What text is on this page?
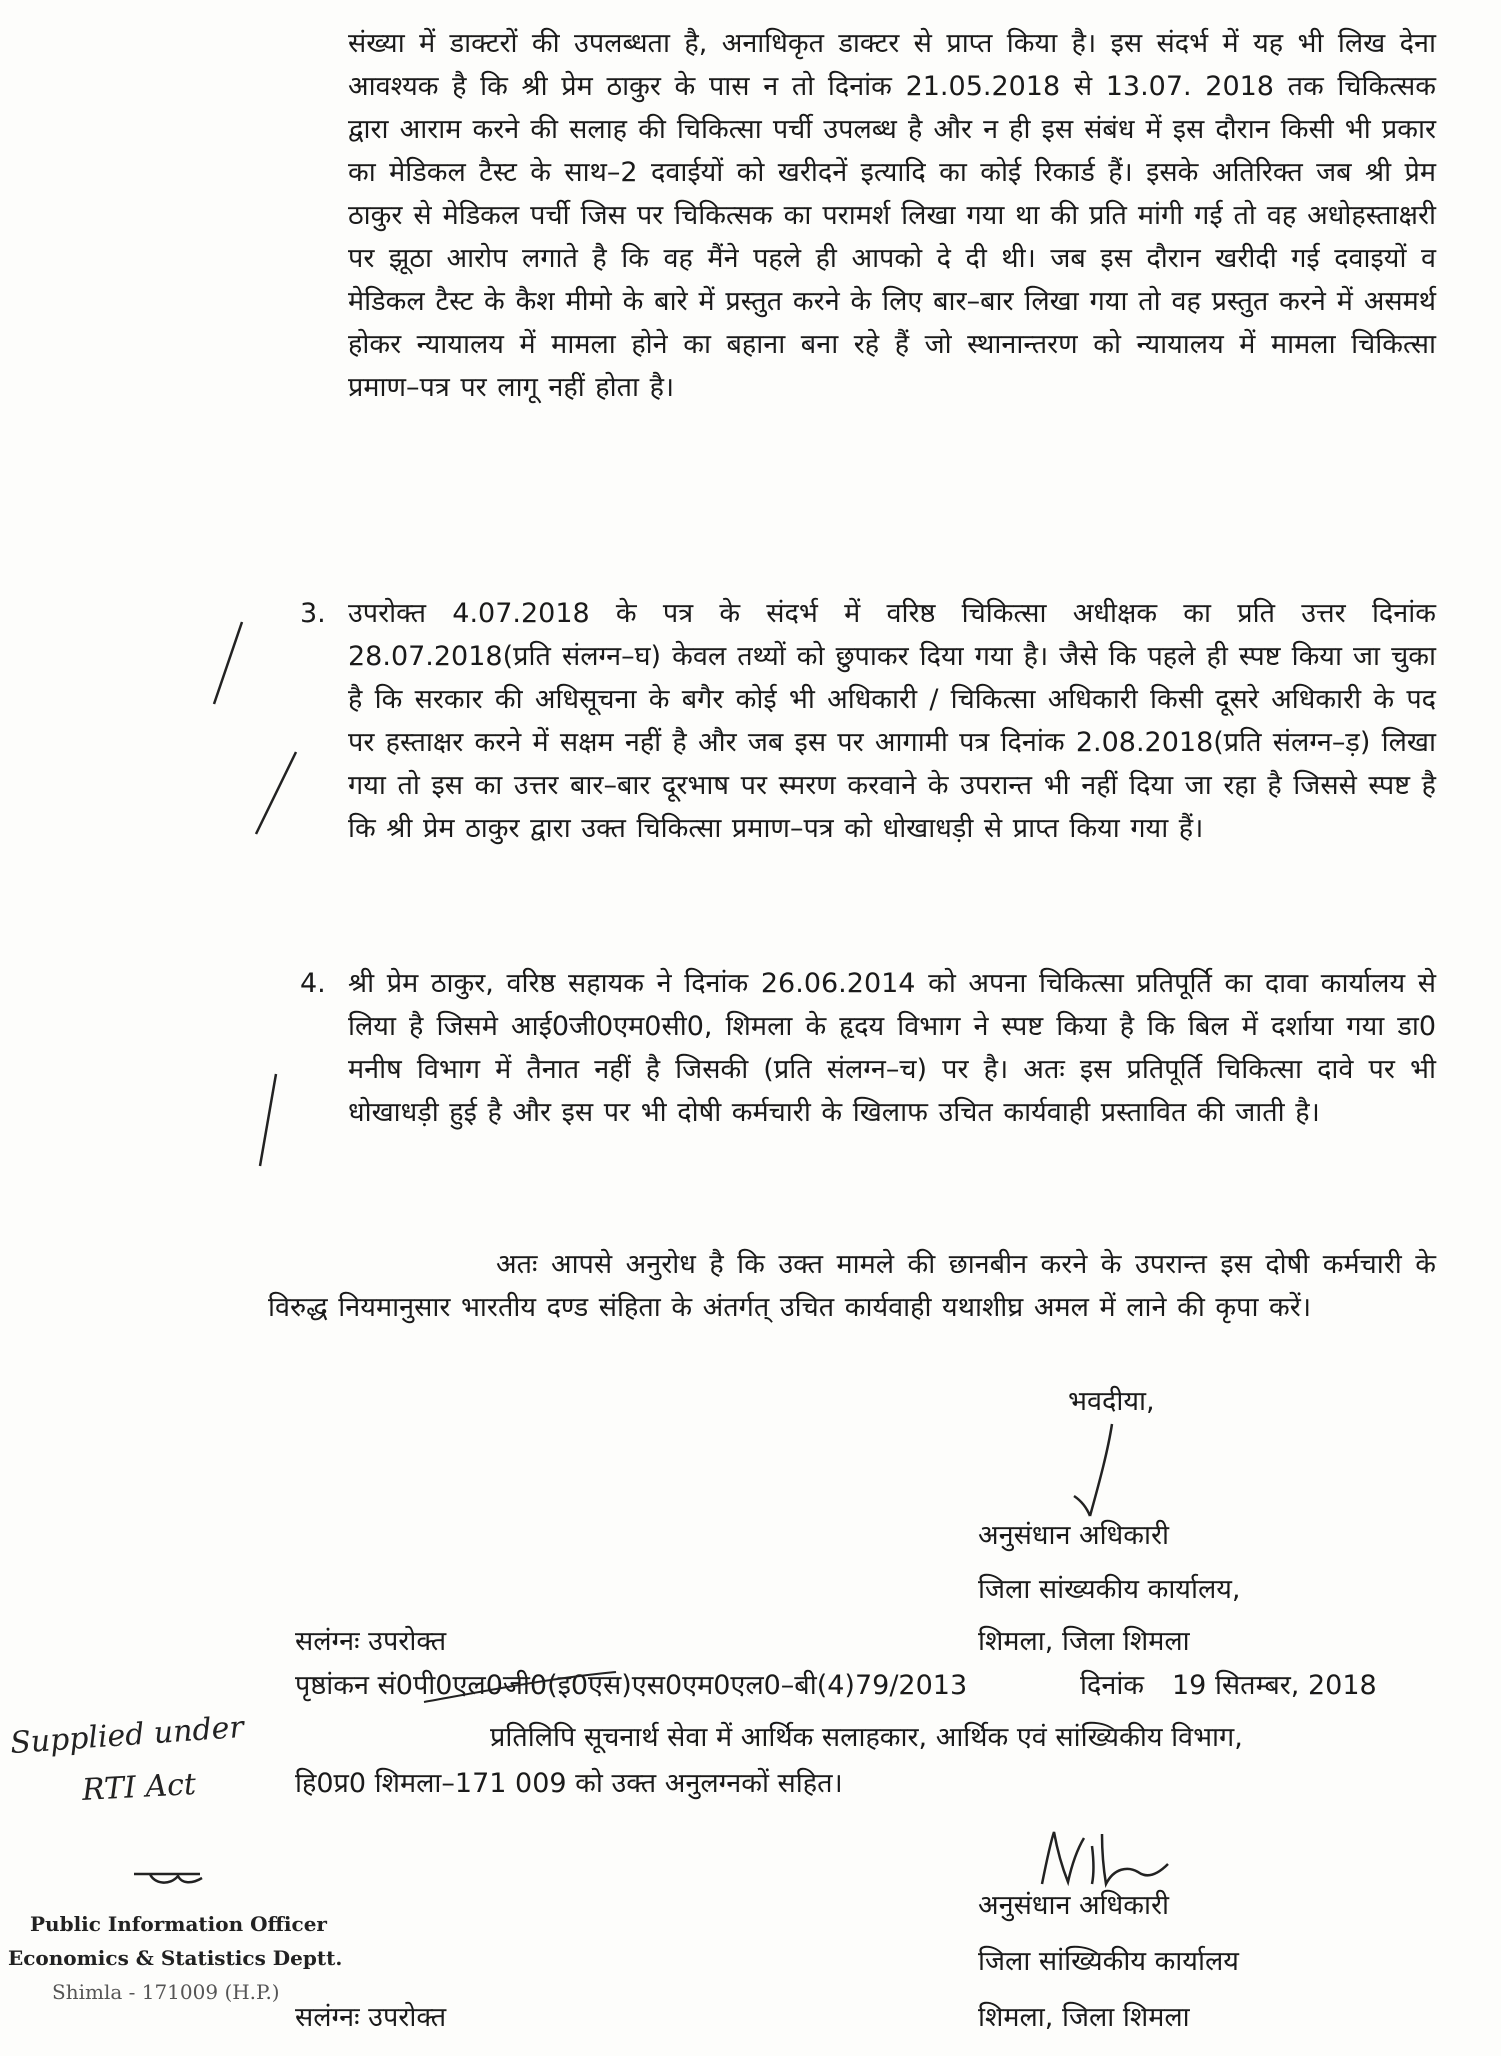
संख्या में डाक्टरों की उपलब्धता है, अनाधिकृत डाक्टर से प्राप्त किया है। इस संदर्भ में यह भी लिख देना आवश्यक है कि श्री प्रेम ठाकुर के पास न तो दिनांक 21.05.2018 से 13.07. 2018 तक चिकित्सक द्वारा आराम करने की सलाह की चिकित्सा पर्ची उपलब्ध है और न ही इस संबंध में इस दौरान किसी भी प्रकार का मेडिकल टैस्ट के साथ–2 दवाईयों को खरीदनें इत्यादि का कोई रिकार्ड हैं। इसके अतिरिक्त जब श्री प्रेम ठाकुर से मेडिकल पर्ची जिस पर चिकित्सक का परामर्श लिखा गया था की प्रति मांगी गई तो वह अधोहस्ताक्षरी पर झूठा आरोप लगाते है कि वह मैंने पहले ही आपको दे दी थी। जब इस दौरान खरीदी गई दवाइयों व मेडिकल टैस्ट के कैश मीमो के बारे में प्रस्तुत करने के लिए बार–बार लिखा गया तो वह प्रस्तुत करने में असमर्थ होकर न्यायालय में मामला होने का बहाना बना रहे हैं जो स्थानान्तरण को न्यायालय में मामला चिकित्सा प्रमाण–पत्र पर लागू नहीं होता है।
3. उपरोक्त 4.07.2018 के पत्र के संदर्भ में वरिष्ठ चिकित्सा अधीक्षक का प्रति उत्तर दिनांक 28.07.2018(प्रति संलग्न–घ) केवल तथ्यों को छुपाकर दिया गया है। जैसे कि पहले ही स्पष्ट किया जा चुका है कि सरकार की अधिसूचना के बगैर कोई भी अधिकारी / चिकित्सा अधिकारी किसी दूसरे अधिकारी के पद पर हस्ताक्षर करने में सक्षम नहीं है और जब इस पर आगामी पत्र दिनांक 2.08.2018(प्रति संलग्न–ड़) लिखा गया तो इस का उत्तर बार–बार दूरभाष पर स्मरण करवाने के उपरान्त भी नहीं दिया जा रहा है जिससे स्पष्ट है कि श्री प्रेम ठाकुर द्वारा उक्त चिकित्सा प्रमाण–पत्र को धोखाधड़ी से प्राप्त किया गया हैं।
4. श्री प्रेम ठाकुर, वरिष्ठ सहायक ने दिनांक 26.06.2014 को अपना चिकित्सा प्रतिपूर्ति का दावा कार्यालय से लिया है जिसमे आई0जी0एम0सी0, शिमला के हृदय विभाग ने स्पष्ट किया है कि बिल में दर्शाया गया डा0 मनीष विभाग में तैनात नहीं है जिसकी (प्रति संलग्न–च) पर है। अतः इस प्रतिपूर्ति चिकित्सा दावे पर भी धोखाधड़ी हुई है और इस पर भी दोषी कर्मचारी के खिलाफ उचित कार्यवाही प्रस्तावित की जाती है।
अतः आपसे अनुरोध है कि उक्त मामले की छानबीन करने के उपरान्त इस दोषी कर्मचारी के विरुद्ध नियमानुसार भारतीय दण्ड संहिता के अंतर्गत् उचित कार्यवाही यथाशीघ्र अमल में लाने की कृपा करें।
भवदीया,
अनुसंधान अधिकारी
जिला सांख्यकीय कार्यालय,
शिमला, जिला शिमला
सलंग्नः उपरोक्त
पृष्ठांकन सं0पी0एल0जी0(इ0एस)एस0एम0एल0–बी(4)79/2013	दिनांक 19 सितम्बर, 2018
प्रतिलिपि सूचनार्थ सेवा में आर्थिक सलाहकार, आर्थिक एवं सांख्यिकीय विभाग,
हि0प्र0 शिमला–171 009 को उक्त अनुलग्नकों सहित।
Supplied under
RTI Act
Public Information Officer
Economics & Statistics Deptt.
Shimla - 171009 (H.P.)
अनुसंधान अधिकारी
जिला सांख्यिकीय कार्यालय
शिमला, जिला शिमला
सलंग्नः उपरोक्त
